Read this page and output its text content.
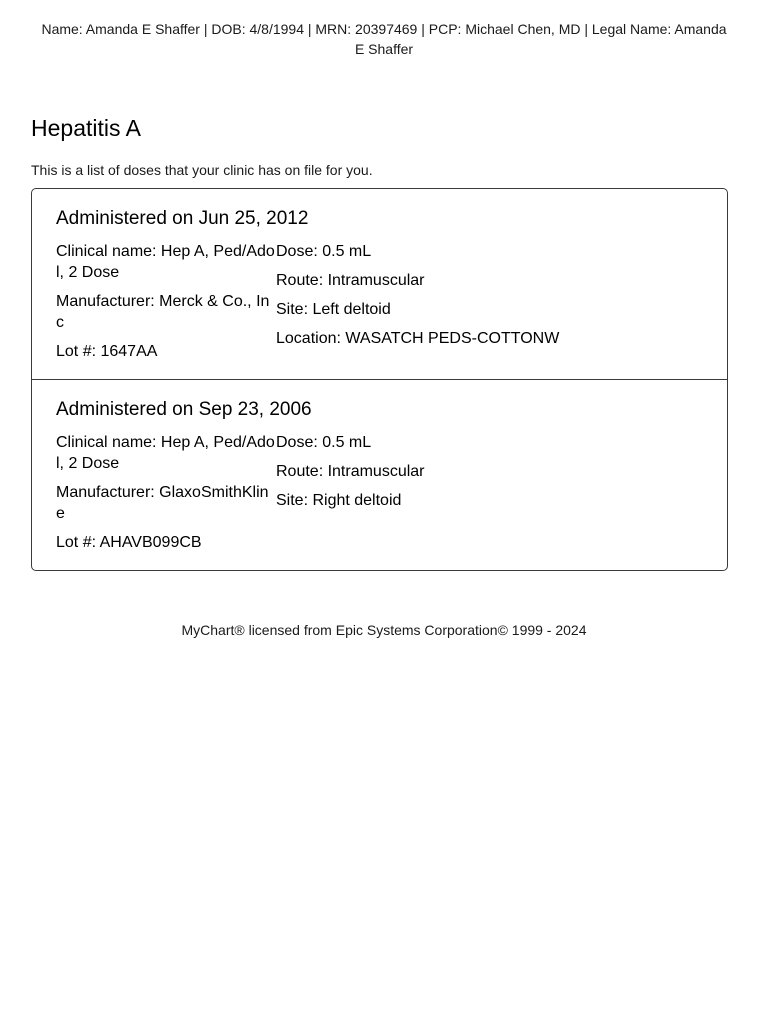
Name: Amanda E Shaffer | DOB: 4/8/1994 | MRN: 20397469 | PCP: Michael Chen, MD | Legal Name: Amanda E Shaffer
Hepatitis A
This is a list of doses that your clinic has on file for you.
Administered on Jun 25, 2012
Clinical name: Hep A, Ped/Adol, 2 Dose
Manufacturer: Merck & Co., Inc
Lot #: 1647AA
Dose: 0.5 mL
Route: Intramuscular
Site: Left deltoid
Location: WASATCH PEDS-COTTONW
Administered on Sep 23, 2006
Clinical name: Hep A, Ped/Adol, 2 Dose
Manufacturer: GlaxoSmithKline
Lot #: AHAVB099CB
Dose: 0.5 mL
Route: Intramuscular
Site: Right deltoid
MyChart® licensed from Epic Systems Corporation© 1999 - 2024
